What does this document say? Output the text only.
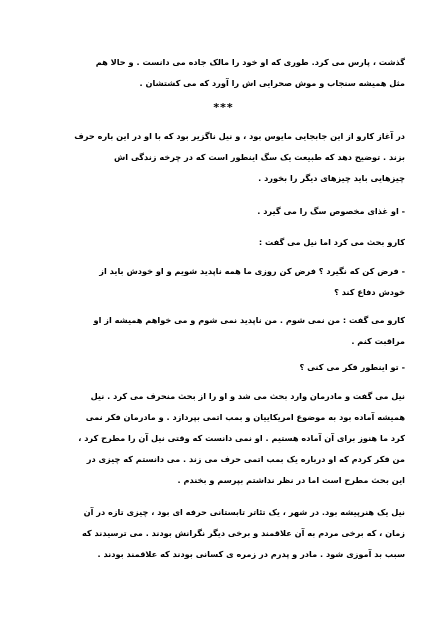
گذشت ، پارس می کرد. طوری که او خود را مالک جاده می دانست . و حالا هم
مثل همیشه سنجاب و موش صحرایی اش را آورد که می کشتشان .
***
در آغاز کارو از این جابجایی مایوس بود ، و نیل ناگزیر بود که با او در این باره حرف
بزند . توضیح دهد که طبیعت یک سگ اینطور است که در چرخه زندگی اش
چیزهایی باید چیزهای دیگر را بخورد .
- او غذای مخصوص سگ را می گیرد .
کارو بحث می کرد اما نیل می گفت :
- فرض کن که نگیرد ؟ فرض کن روزی ما همه ناپدید شویم و او خودش باید از
خودش دفاع کند ؟
کارو می گفت : من نمی شوم . من ناپدید نمی شوم و می خواهم همیشه از او
مراقبت کنم .
- تو اینطور فکر می کنی ؟
نیل می گفت و مادرمان وارد بحث می شد و او را از بحث منحرف می کرد . نیل
همیشه آماده بود به موضوع امریکاییان و بمب اتمی بپردازد . و مادرمان فکر نمی
کرد ما هنوز برای آن آماده هستیم . او نمی دانست که وقتی نیل آن را مطرح کرد ،
من فکر کردم که او درباره یک بمب اتمی حرف می زند . می دانستم که چیزی در
این بحث مطرح است اما در نظر نداشتم بپرسم و بخندم .
نیل یک هنرپیشه بود. در شهر ، یک تئاتر تابستانی حرفه ای بود ، چیزی تازه در آن
زمان ، که برخی مردم به آن علاقمند و برخی دیگر نگرانش بودند . می ترسیدند که
سبب بد آموزی شود . مادر و پدرم در زمره ی کسانی بودند که علاقمند بودند .
